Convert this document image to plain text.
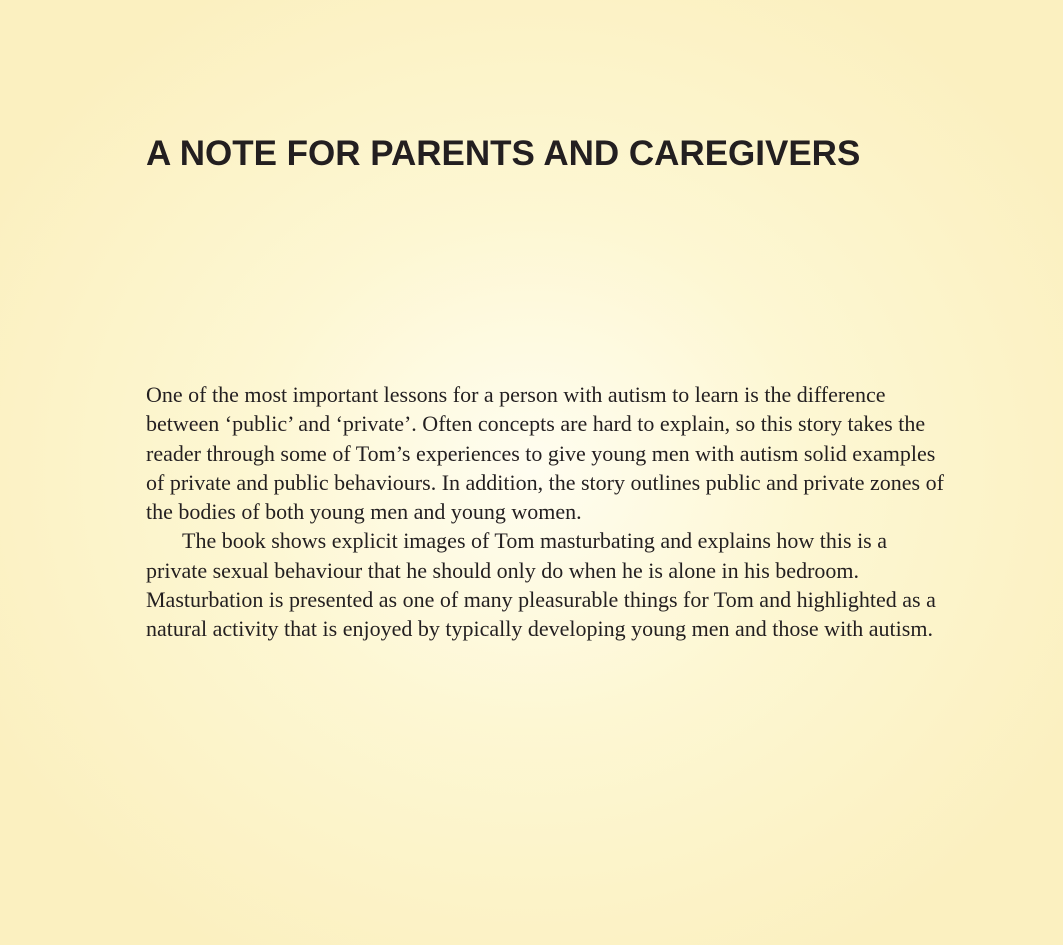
A NOTE FOR PARENTS AND CAREGIVERS

One of the most important lessons for a person with autism to learn is the difference between ‘public’ and ‘private’. Often concepts are hard to explain, so this story takes the reader through some of Tom’s experiences to give young men with autism solid examples of private and public behaviours. In addition, the story outlines public and private zones of the bodies of both young men and young women.

The book shows explicit images of Tom masturbating and explains how this is a private sexual behaviour that he should only do when he is alone in his bedroom. Masturbation is presented as one of many pleasurable things for Tom and highlighted as a natural activity that is enjoyed by typically developing young men and those with autism.
